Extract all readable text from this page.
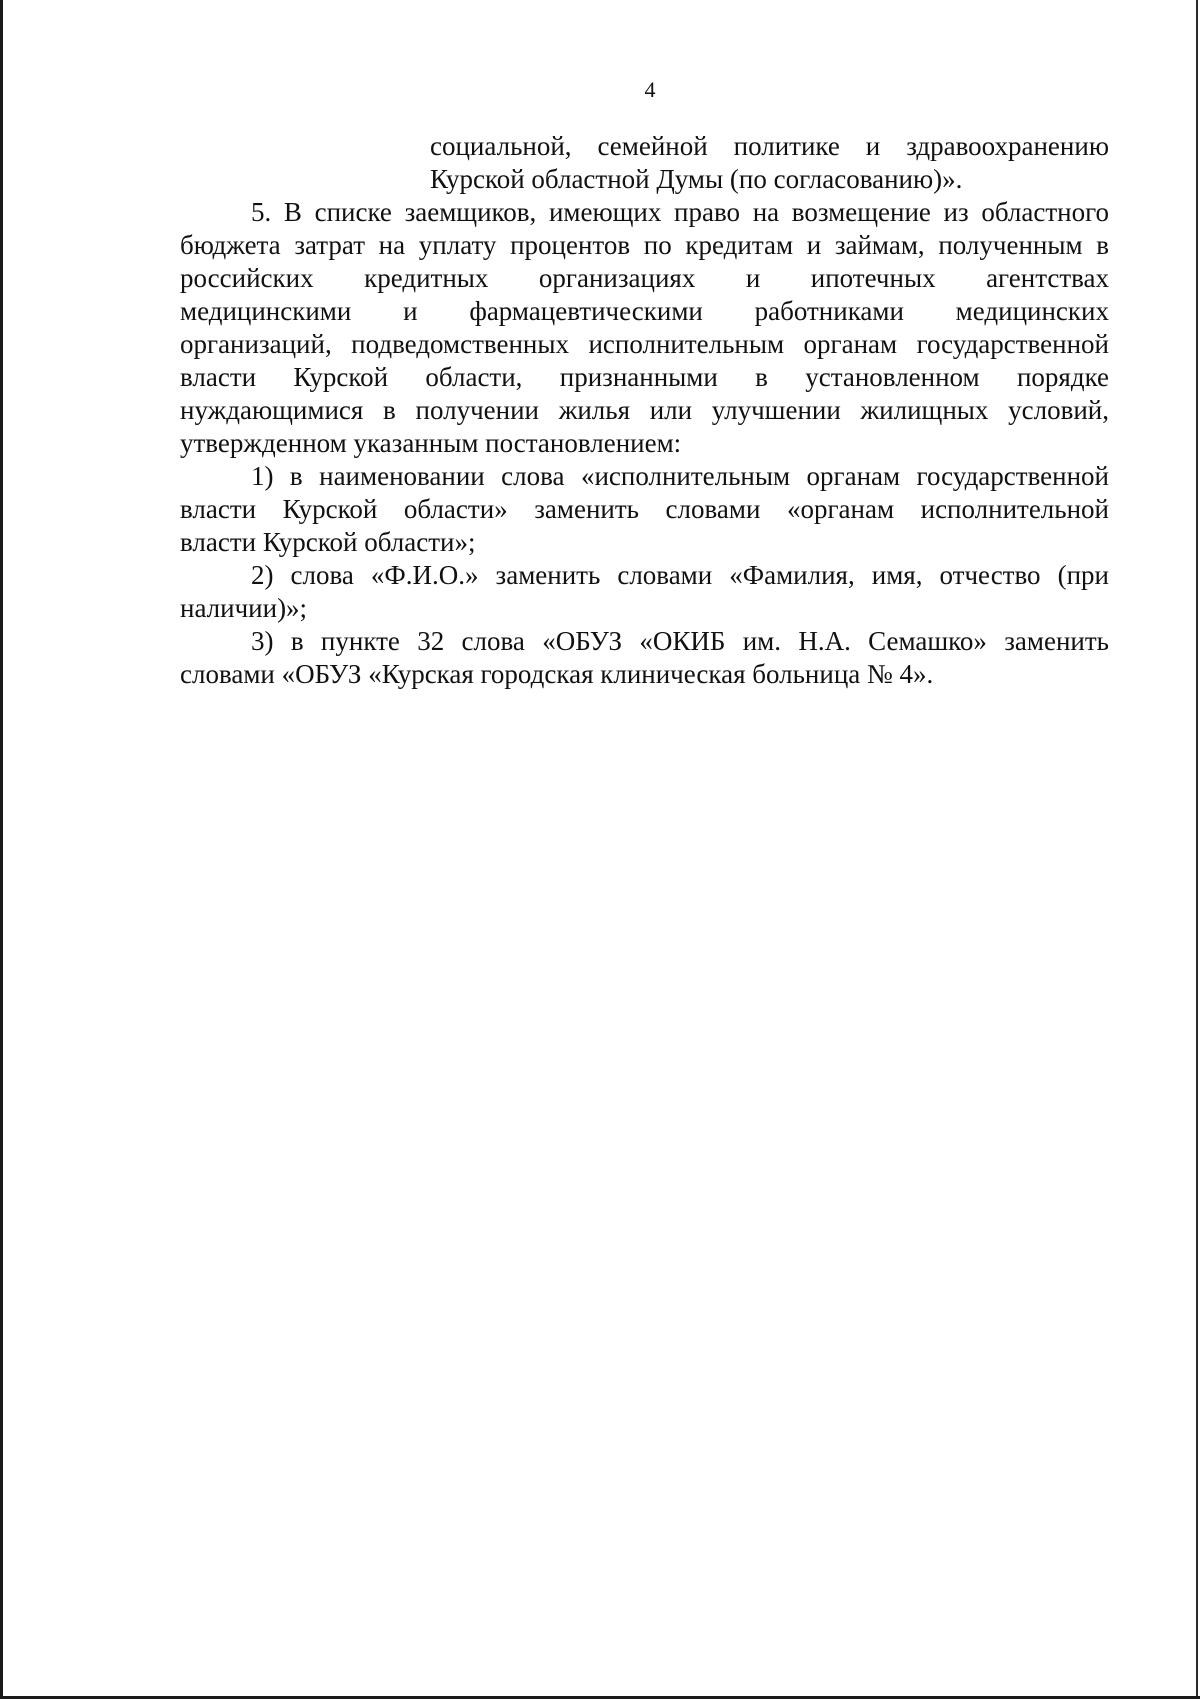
4
социальной, семейной политике и здравоохранению
Курской областной Думы (по согласованию)».
5. В списке заемщиков, имеющих право на возмещение из областного
бюджета затрат на уплату процентов по кредитам и займам, полученным в
российских кредитных организациях и ипотечных агентствах
медицинскими и фармацевтическими работниками медицинских
организаций, подведомственных исполнительным органам государственной
власти Курской области, признанными в установленном порядке
нуждающимися в получении жилья или улучшении жилищных условий,
утвержденном указанным постановлением:
1) в наименовании слова «исполнительным органам государственной
власти Курской области» заменить словами «органам исполнительной
власти Курской области»;
2) слова «Ф.И.О.» заменить словами «Фамилия, имя, отчество (при
наличии)»;
3) в пункте 32 слова «ОБУЗ «ОКИБ им. Н.А. Семашко» заменить
словами «ОБУЗ «Курская городская клиническая больница № 4».
